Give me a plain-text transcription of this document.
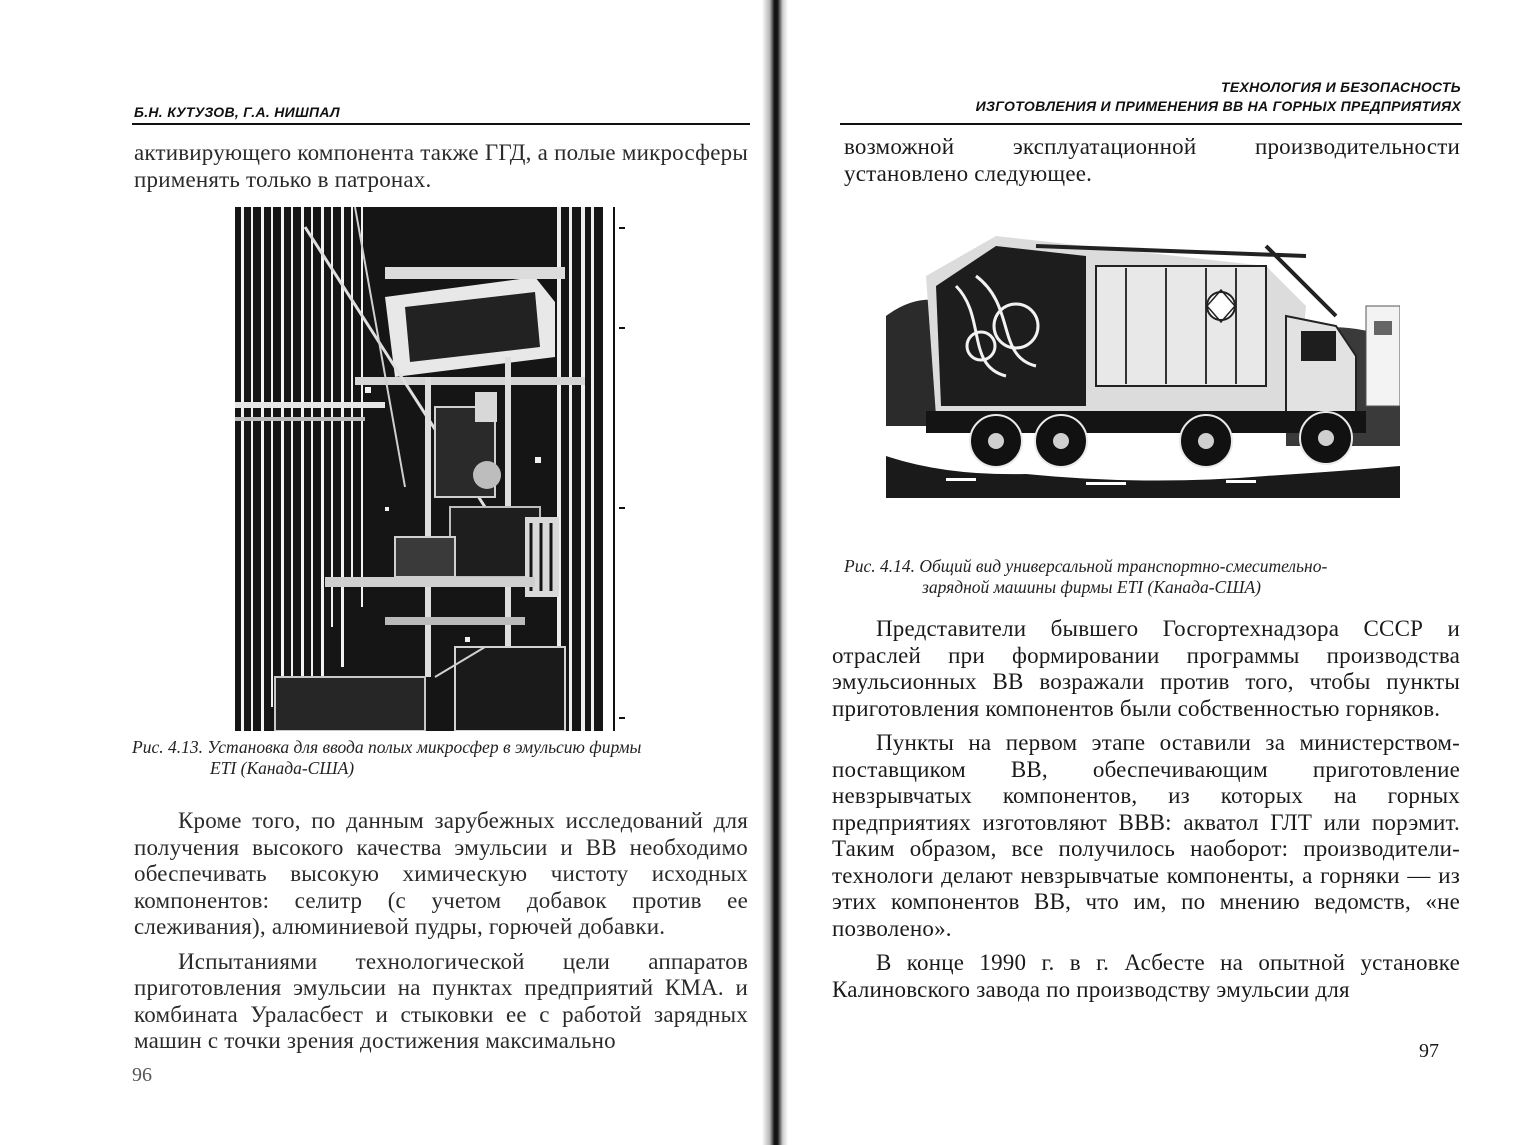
Б.Н. КУТУЗОВ, Г.А. НИШПАЛ

активирующего компонента также ГГД, а полые микросферы применять только в патронах.

Рис. 4.13. Установка для ввода полых микросфер в эмульсию фирмы
ETI (Канада-США)

Кроме того, по данным зарубежных исследований для получения высокого качества эмульсии и ВВ необходимо обеспечивать высокую химическую чистоту исходных компонентов: селитр (с учетом добавок против ее слеживания), алюминиевой пудры, горючей добавки.

Испытаниями технологической цели аппаратов приготовления эмульсии на пунктах предприятий КМА. и комбината Ураласбест и стыковки ее с работой зарядных машин с точки зрения достижения максимально

96

ТЕХНОЛОГИЯ И БЕЗОПАСНОСТЬ
ИЗГОТОВЛЕНИЯ И ПРИМЕНЕНИЯ ВВ НА ГОРНЫХ ПРЕДПРИЯТИЯХ

возможной эксплуатационной производительности установлено следующее.

Рис. 4.14. Общий вид универсальной транспортно-смесительно-
зарядной машины фирмы ETI (Канада-США)

Представители бывшего Госгортехнадзора СССР и отраслей при формировании программы производства эмульсионных ВВ возражали против того, чтобы пункты приготовления компонентов были собственностью горняков.

Пункты на первом этапе оставили за министерством-поставщиком ВВ, обеспечивающим приготовление невзрывчатых компонентов, из которых на горных предприятиях изготовляют ВВВ: акватол ГЛТ или порэмит. Таким образом, все получилось наоборот: производители-технологи делают невзрывчатые компоненты, а горняки — из этих компонентов ВВ, что им, по мнению ведомств, «не позволено».

В конце 1990 г. в г. Асбесте на опытной установке Калиновского завода по производству эмульсии для

97
